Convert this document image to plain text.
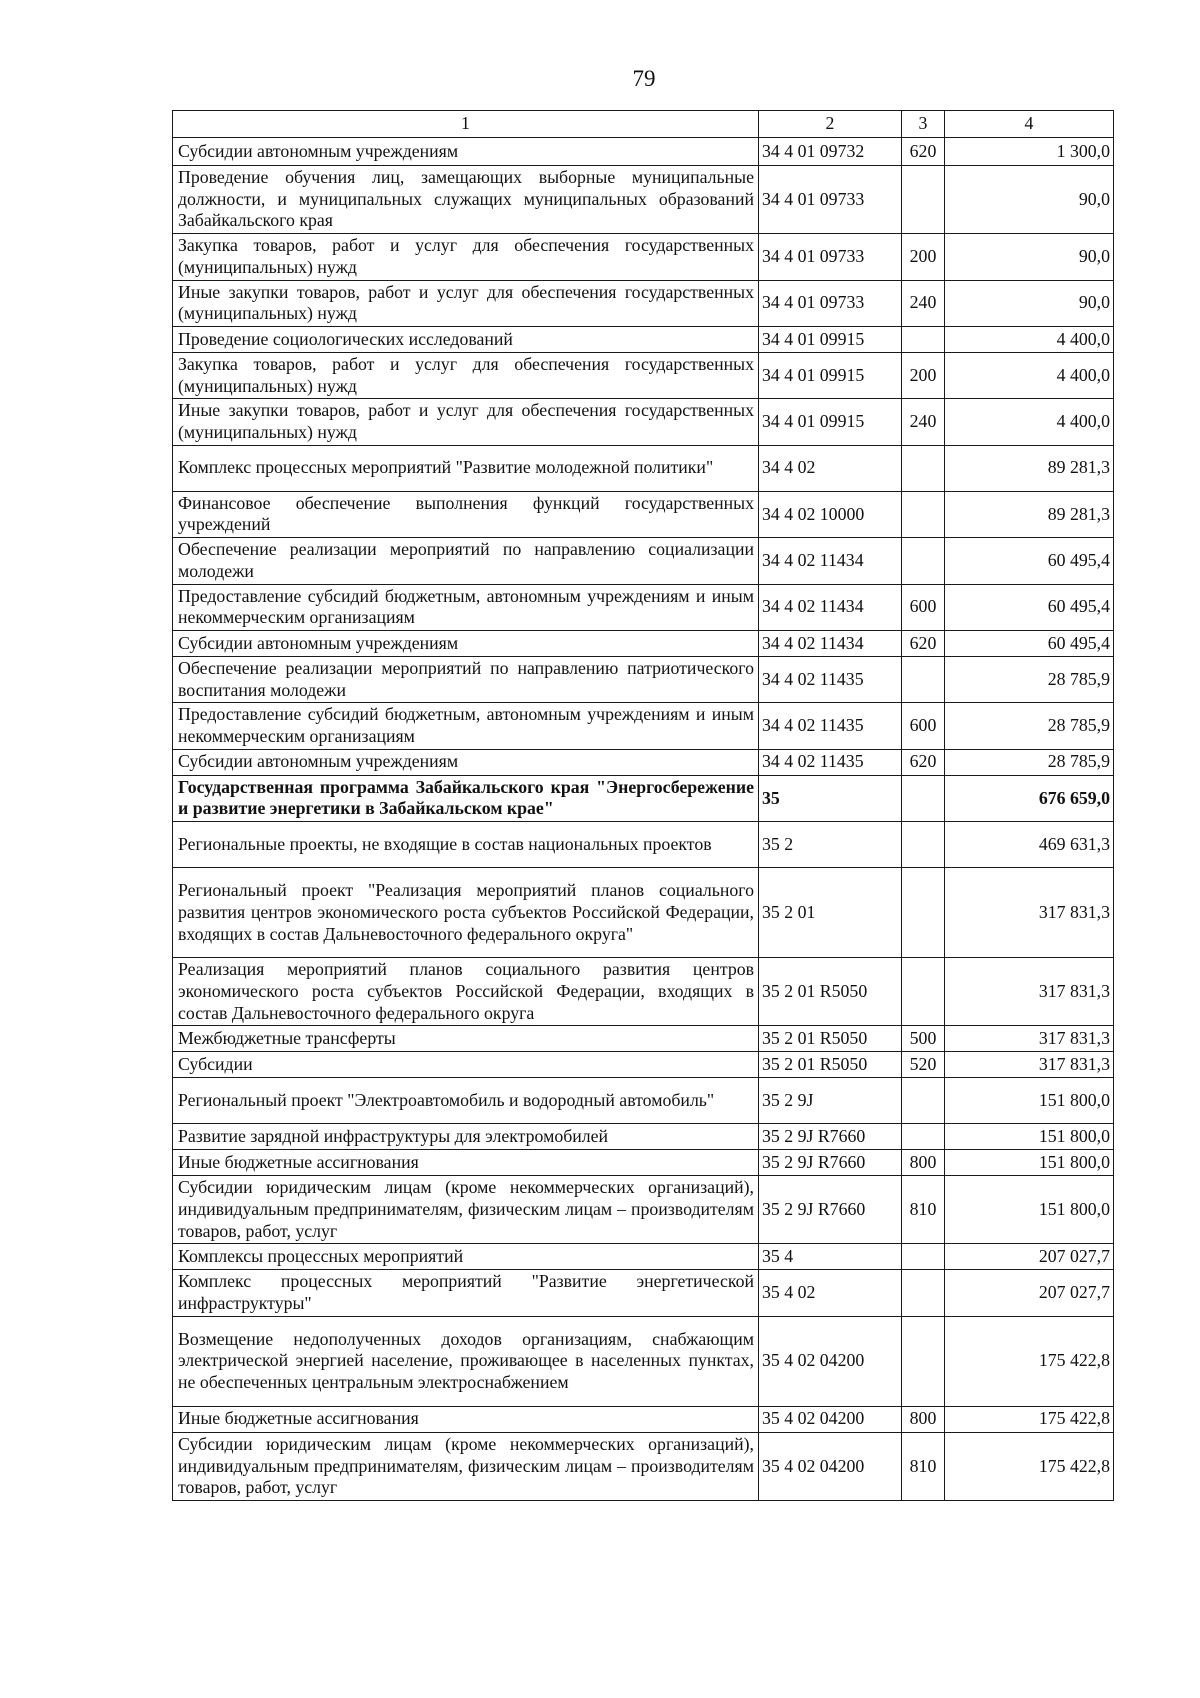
79
1	2	3	4
Субсидии автономным учреждениям	34 4 01 09732	620	1 300,0
Проведение обучения лиц, замещающих выборные муниципальные должности, и муниципальных служащих муниципальных образований Забайкальского края	34 4 01 09733		90,0
Закупка товаров, работ и услуг для обеспечения государственных (муниципальных) нужд	34 4 01 09733	200	90,0
Иные закупки товаров, работ и услуг для обеспечения государственных (муниципальных) нужд	34 4 01 09733	240	90,0
Проведение социологических исследований	34 4 01 09915		4 400,0
Закупка товаров, работ и услуг для обеспечения государственных (муниципальных) нужд	34 4 01 09915	200	4 400,0
Иные закупки товаров, работ и услуг для обеспечения государственных (муниципальных) нужд	34 4 01 09915	240	4 400,0
Комплекс процессных мероприятий "Развитие молодежной политики"	34 4 02		89 281,3
Финансовое обеспечение выполнения функций государственных учреждений	34 4 02 10000		89 281,3
Обеспечение реализации мероприятий по направлению социализации молодежи	34 4 02 11434		60 495,4
Предоставление субсидий бюджетным, автономным учреждениям и иным некоммерческим организациям	34 4 02 11434	600	60 495,4
Субсидии автономным учреждениям	34 4 02 11434	620	60 495,4
Обеспечение реализации мероприятий по направлению патриотического воспитания молодежи	34 4 02 11435		28 785,9
Предоставление субсидий бюджетным, автономным учреждениям и иным некоммерческим организациям	34 4 02 11435	600	28 785,9
Субсидии автономным учреждениям	34 4 02 11435	620	28 785,9
Государственная программа Забайкальского края "Энергосбережение и развитие энергетики в Забайкальском крае"	35		676 659,0
Региональные проекты, не входящие в состав национальных проектов	35 2		469 631,3
Региональный проект "Реализация мероприятий планов социального развития центров экономического роста субъектов Российской Федерации, входящих в состав Дальневосточного федерального округа"	35 2 01		317 831,3
Реализация мероприятий планов социального развития центров экономического роста субъектов Российской Федерации, входящих в состав Дальневосточного федерального округа	35 2 01 R5050		317 831,3
Межбюджетные трансферты	35 2 01 R5050	500	317 831,3
Субсидии	35 2 01 R5050	520	317 831,3
Региональный проект "Электроавтомобиль и водородный автомобиль"	35 2 9J		151 800,0
Развитие зарядной инфраструктуры для электромобилей	35 2 9J R7660		151 800,0
Иные бюджетные ассигнования	35 2 9J R7660	800	151 800,0
Субсидии юридическим лицам (кроме некоммерческих организаций), индивидуальным предпринимателям, физическим лицам – производителям товаров, работ, услуг	35 2 9J R7660	810	151 800,0
Комплексы процессных мероприятий	35 4		207 027,7
Комплекс процессных мероприятий "Развитие энергетической инфраструктуры"	35 4 02		207 027,7
Возмещение недополученных доходов организациям, снабжающим электрической энергией население, проживающее в населенных пунктах, не обеспеченных центральным электроснабжением	35 4 02 04200		175 422,8
Иные бюджетные ассигнования	35 4 02 04200	800	175 422,8
Субсидии юридическим лицам (кроме некоммерческих организаций), индивидуальным предпринимателям, физическим лицам – производителям товаров, работ, услуг	35 4 02 04200	810	175 422,8
